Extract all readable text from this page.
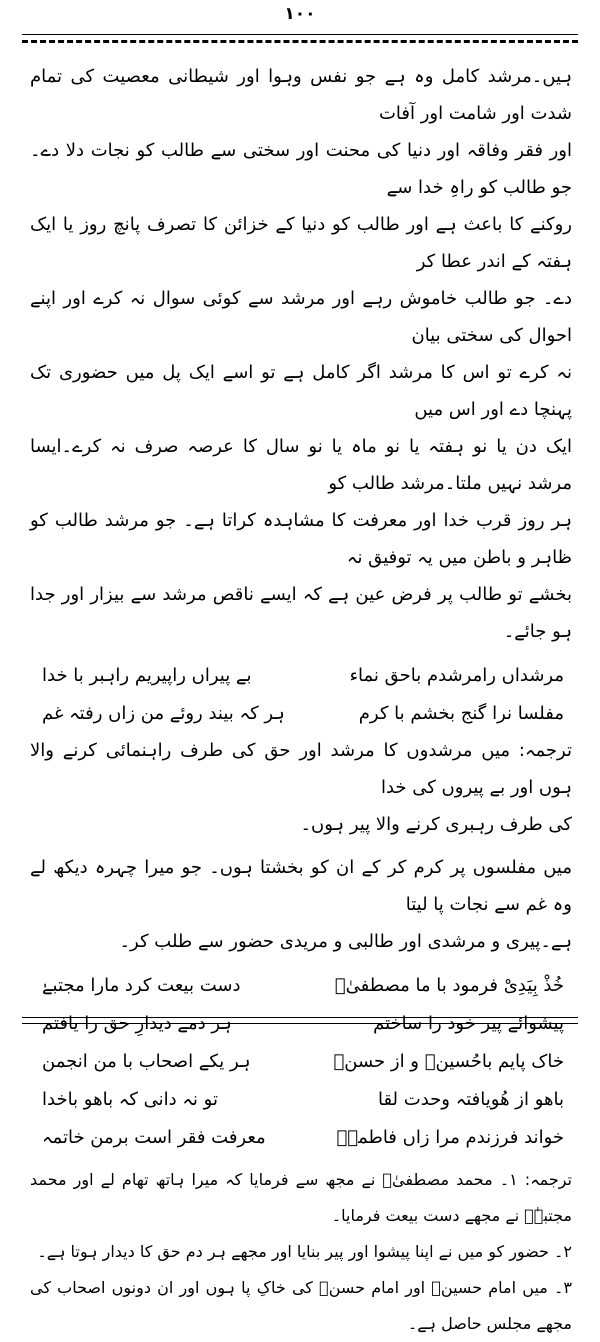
۱۰۰

ہیں۔مرشد کامل وہ ہے جو نفس وہوا اور شیطانی معصیت کی تمام شدت اور شامت اور آفات

اور فقر وفاقہ اور دنیا کی محنت اور سختی سے طالب کو نجات دلا دے۔ جو طالب کو راہِ خدا سے

روکنے کا باعث ہے اور طالب کو دنیا کے خزائن کا تصرف پانچ روز یا ایک ہفتہ کے اندر عطا کر

دے۔ جو طالب خاموش رہے اور مرشد سے کوئی سوال نہ کرے اور اپنے احوال کی سختی بیان

نہ کرے تو اس کا مرشد اگر کامل ہے تو اسے ایک پل میں حضوری تک پہنچا دے اور اس میں

ایک دن یا نو ہفتہ یا نو ماہ یا نو سال کا عرصہ صرف نہ کرے۔ایسا مرشد نہیں ملتا۔مرشد طالب کو

ہر روز قرب خدا اور معرفت کا مشاہدہ کراتا ہے۔ جو مرشد طالب کو ظاہر و باطن میں یہ توفیق نہ

بخشے تو طالب پر فرض عین ہے کہ ایسے ناقص مرشد سے بیزار اور جدا ہو جائے۔

مرشداں رامرشدم باحق نماء
بے پیراں راپیریم راہبر با خدا
مفلسا نرا گنج بخشم با کرم
ہر کہ بیند روئے من زاں رفتہ غم

ترجمہ: میں مرشدوں کا مرشد اور حق کی طرف راہنمائی کرنے والا ہوں اور بے پیروں کی خدا

کی طرف رہبری کرنے والا پیر ہوں۔

میں مفلسوں پر کرم کر کے ان کو بخشتا ہوں۔ جو میرا چہرہ دیکھ لے وہ غم سے نجات پا لیتا

ہے۔پیری و مرشدی اور طالبی و مریدی حضور سے طلب کر۔

خُذْ بِیَدِیْ فرمود با ما مصطفیٰؐ
دست بیعت کرد مارا مجتبےٰ
پیشوائے پیر خود را ساختم
ہر دمے دیدارِ حق را یافتم
خاک پایم باحُسینؑ و از حسنؑ
ہر یکے اصحاب با من انجمن
باھو از ھُویافتہ وحدت لقا
تو نہ دانی کہ باھو باخدا
خواند فرزندم مرا زاں فاطمہؓ
معرفت فقر است برمن خاتمہ

ترجمہ: ۱۔ محمد مصطفیٰؐ نے مجھ سے فرمایا کہ میرا ہاتھ تھام لے اور محمد مجتبےٰؐ نے مجھے دست بیعت فرمایا۔

۲۔ حضور کو میں نے اپنا پیشوا اور پیر بنایا اور مجھے ہر دم حق کا دیدار ہوتا ہے۔

۳۔ میں امام حسینؑ اور امام حسنؑ کی خاکِ پا ہوں اور ان دونوں اصحاب کی مجھے مجلس حاصل ہے۔
